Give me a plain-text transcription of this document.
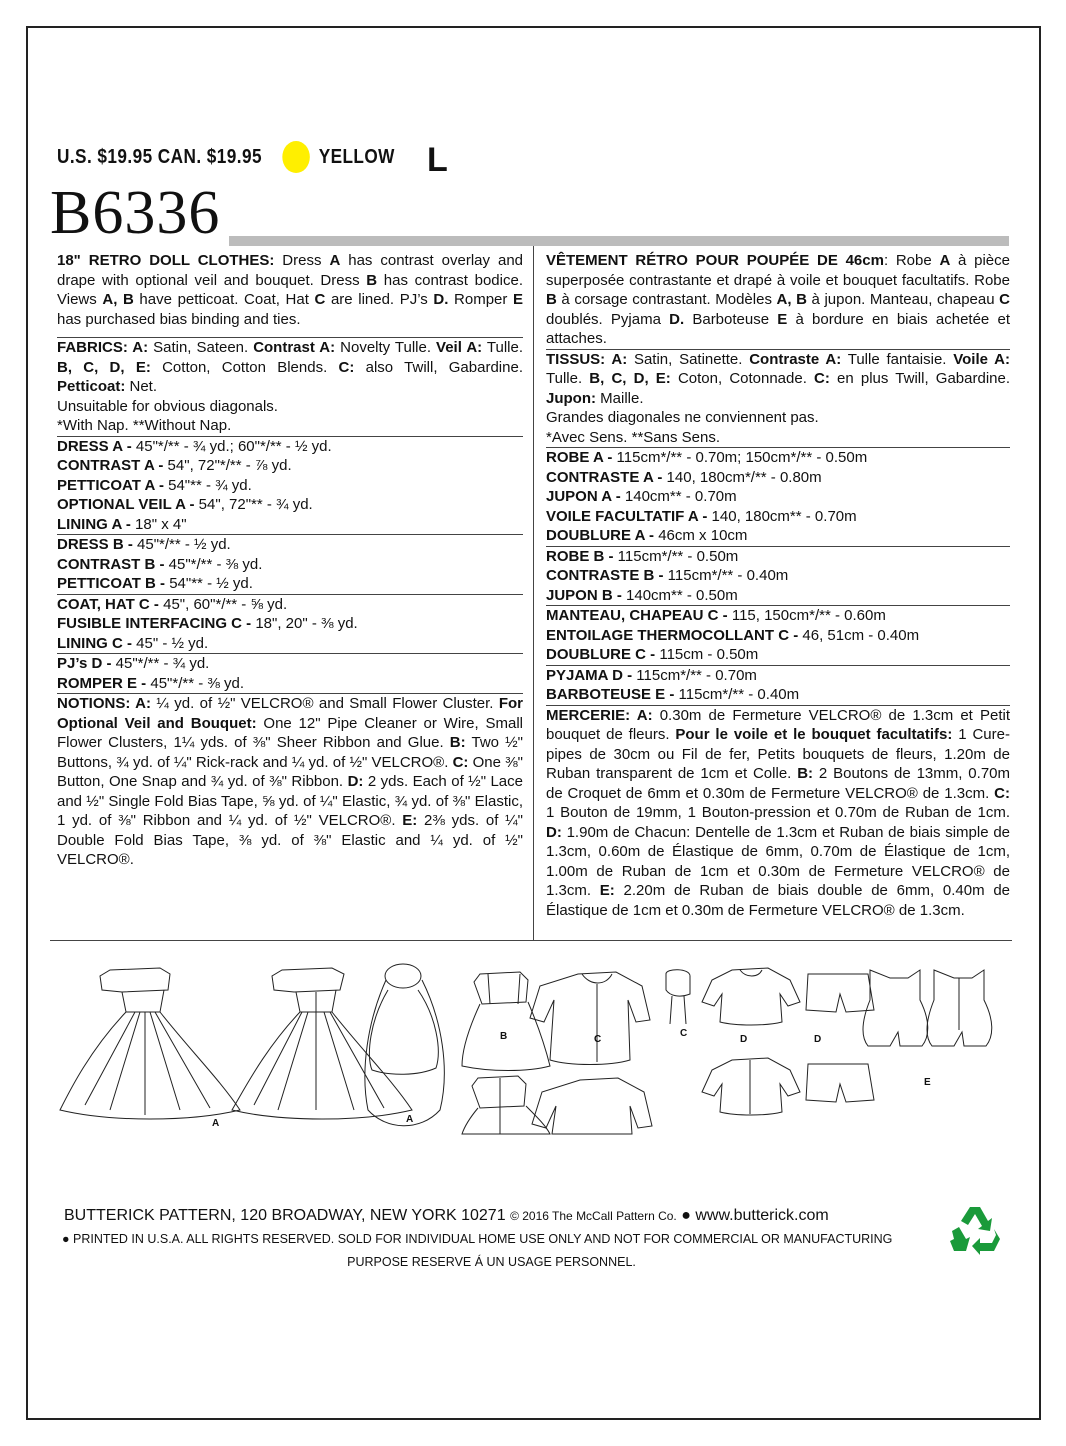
U.S. $19.95 CAN. $19.95	YELLOW L
B6336
18" RETRO DOLL CLOTHES: Dress A has contrast overlay and drape with optional veil and bouquet. Dress B has contrast bodice. Views A, B have petticoat. Coat, Hat C are lined. PJ’s D. Romper E has purchased bias binding and ties.
FABRICS: A: Satin, Sateen. Contrast A: Novelty Tulle. Veil A: Tulle. B, C, D, E: Cotton, Cotton Blends. C: also Twill, Gabardine. Petticoat: Net.
Unsuitable for obvious diagonals.
*With Nap. **Without Nap.
DRESS A - 45"*/** - ¾ yd.; 60"*/** - ½ yd.
CONTRAST A - 54", 72"*/** - ⅞ yd.
PETTICOAT A - 54"** - ¾ yd.
OPTIONAL VEIL A - 54", 72"** - ¾ yd.
LINING A - 18" x 4"
DRESS B - 45"*/** - ½ yd.
CONTRAST B - 45"*/** - ⅜ yd.
PETTICOAT B - 54"** - ½ yd.
COAT, HAT C - 45", 60"*/** - ⅝ yd.
FUSIBLE INTERFACING C - 18", 20" - ⅜ yd.
LINING C - 45" - ½ yd.
PJ’s D - 45"*/** - ¾ yd.
ROMPER E - 45"*/** - ⅜ yd.
NOTIONS: A: ¼ yd. of ½" VELCRO® and Small Flower Cluster. For Optional Veil and Bouquet: One 12" Pipe Cleaner or Wire, Small Flower Clusters, 1¼ yds. of ⅜" Sheer Ribbon and Glue. B: Two ½" Buttons, ¾ yd. of ¼" Rick-rack and ¼ yd. of ½" VELCRO®. C: One ⅜" Button, One Snap and ¾ yd. of ⅜" Ribbon. D: 2 yds. Each of ½" Lace and ½" Single Fold Bias Tape, ⅝ yd. of ¼" Elastic, ¾ yd. of ⅜" Elastic, 1 yd. of ⅜" Ribbon and ¼ yd. of ½" VELCRO®. E: 2⅜ yds. of ¼" Double Fold Bias Tape, ⅜ yd. of ⅜" Elastic and ¼ yd. of ½" VELCRO®.
VÊTEMENT RÉTRO POUR POUPÉE DE 46cm: Robe A à pièce superposée contrastante et drapé à voile et bouquet facultatifs. Robe B à corsage contrastant. Modèles A, B à jupon. Manteau, chapeau C doublés. Pyjama D. Barboteuse E à bordure en biais achetée et attaches.
TISSUS: A: Satin, Satinette. Contraste A: Tulle fantaisie. Voile A: Tulle. B, C, D, E: Coton, Cotonnade. C: en plus Twill, Gabardine. Jupon: Maille.
Grandes diagonales ne conviennent pas.
*Avec Sens. **Sans Sens.
ROBE A - 115cm*/** - 0.70m; 150cm*/** - 0.50m
CONTRASTE A - 140, 180cm*/** - 0.80m
JUPON A - 140cm** - 0.70m
VOILE FACULTATIF A - 140, 180cm** - 0.70m
DOUBLURE A - 46cm x 10cm
ROBE B - 115cm*/** - 0.50m
CONTRASTE B - 115cm*/** - 0.40m
JUPON B - 140cm** - 0.50m
MANTEAU, CHAPEAU C - 115, 150cm*/** - 0.60m
ENTOILAGE THERMOCOLLANT C - 46, 51cm - 0.40m
DOUBLURE C - 115cm - 0.50m
PYJAMA D - 115cm*/** - 0.70m
BARBOTEUSE E - 115cm*/** - 0.40m
MERCERIE: A: 0.30m de Fermeture VELCRO® de 1.3cm et Petit bouquet de fleurs. Pour le voile et le bouquet facultatifs: 1 Cure-pipes de 30cm ou Fil de fer, Petits bouquets de fleurs, 1.20m de Ruban transparent de 1cm et Colle. B: 2 Boutons de 13mm, 0.70m de Croquet de 6mm et 0.30m de Fermeture VELCRO® de 1.3cm. C: 1 Bouton de 19mm, 1 Bouton-pression et 0.70m de Ruban de 1cm. D: 1.90m de Chacun: Dentelle de 1.3cm et Ruban de biais simple de 1.3cm, 0.60m de Élastique de 6mm, 0.70m de Élastique de 1cm, 1.00m de Ruban de 1cm et 0.30m de Fermeture VELCRO® de 1.3cm. E: 2.20m de Ruban de biais double de 6mm, 0.40m de Élastique de 1cm et 0.30m de Fermeture VELCRO® de 1.3cm.
A	A
B	C
C
D	D
E
BUTTERICK PATTERN, 120 BROADWAY, NEW YORK 10271 © 2016 The McCall Pattern Co. ● www.butterick.com
● PRINTED IN U.S.A. ALL RIGHTS RESERVED. SOLD FOR INDIVIDUAL HOME USE ONLY AND NOT FOR COMMERCIAL OR MANUFACTURING
PURPOSE RESERVE Á UN USAGE PERSONNEL.
